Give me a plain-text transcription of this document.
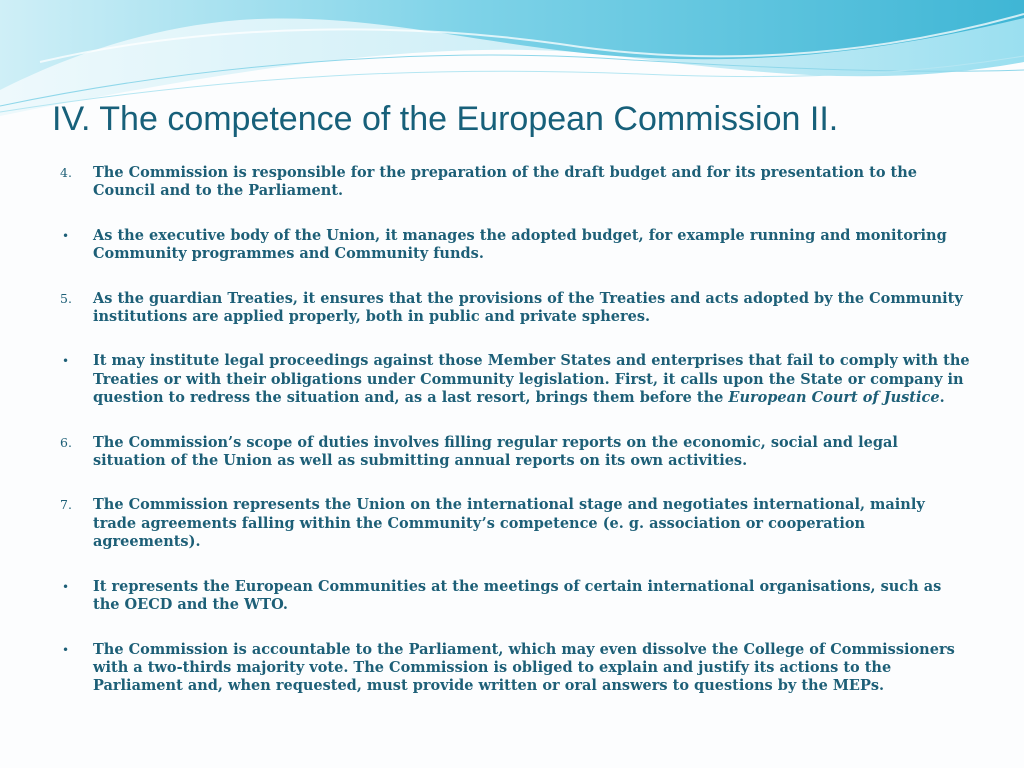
IV. The competence of the European Commission II.
4.	The Commission is responsible for the preparation of the draft budget and for its presentation to the Council and to the Parliament.
•	As the executive body of the Union, it manages the adopted budget, for example running and monitoring Community programmes and Community funds.
5.	As the guardian Treaties, it ensures that the provisions of the Treaties and acts adopted by the Community institutions are applied properly, both in public and private spheres.
•	It may institute legal proceedings against those Member States and enterprises that fail to comply with the Treaties or with their obligations under Community legislation. First, it calls upon the State or company in question to redress the situation and, as a last resort, brings them before the European Court of Justice.
6.	The Commission’s scope of duties involves filling regular reports on the economic, social and legal situation of the Union as well as submitting annual reports on its own activities.
7.	The Commission represents the Union on the international stage and negotiates international, mainly trade agreements falling within the Community’s competence (e. g. association or cooperation agreements).
•	It represents the European Communities at the meetings of certain international organisations, such as the OECD and the WTO.
•	The Commission is accountable to the Parliament, which may even dissolve the College of Commissioners with a two-thirds majority vote. The Commission is obliged to explain and justify its actions to the Parliament and, when requested, must provide written or oral answers to questions by the MEPs.
